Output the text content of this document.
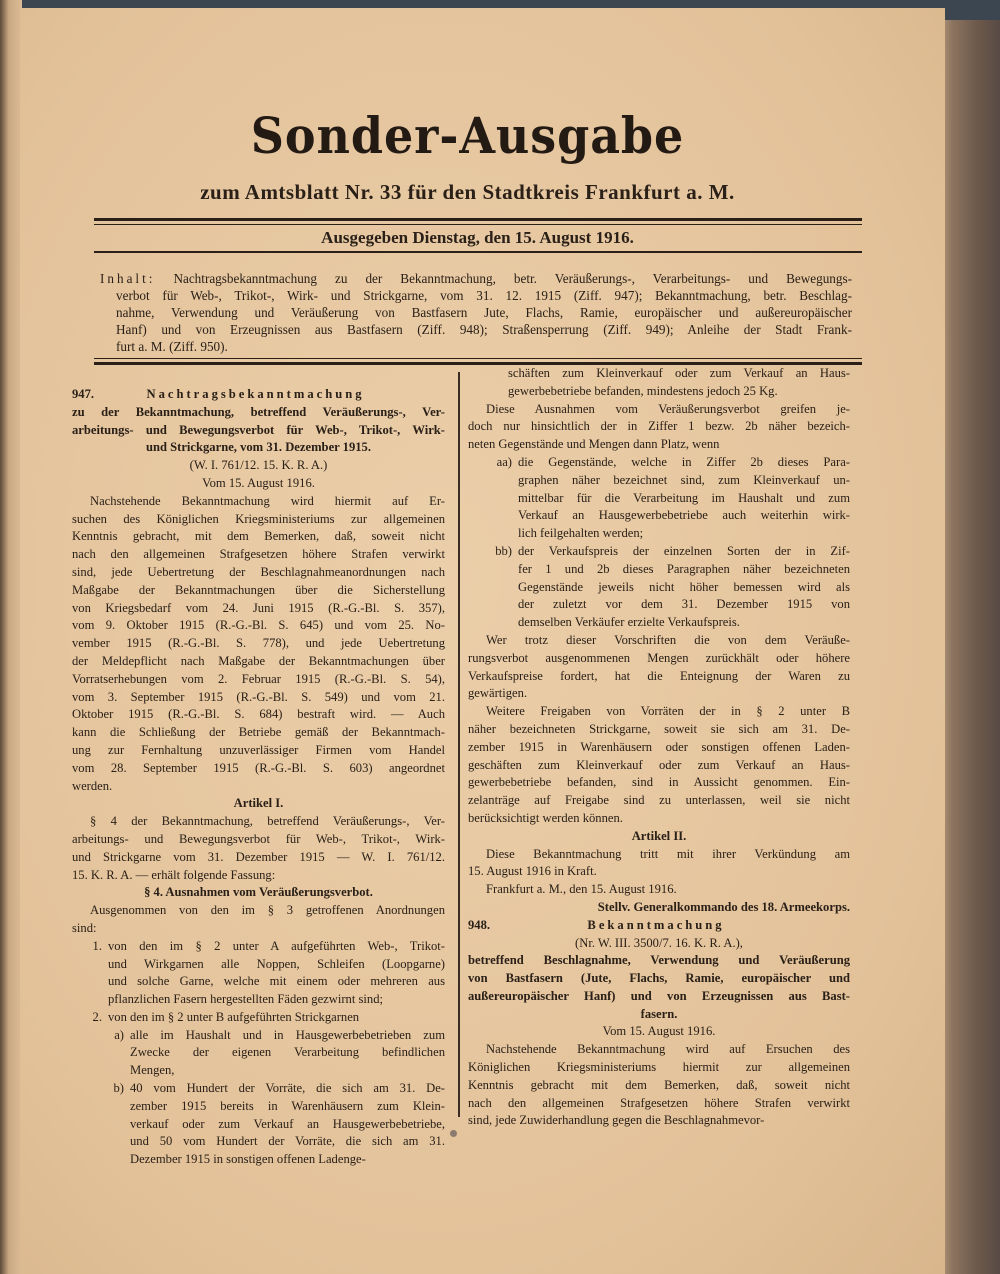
Sonder-Ausgabe
zum Amtsblatt Nr. 33 für den Stadtkreis Frankfurt a. M.
Ausgegeben Dienstag, den 15. August 1916.
Inhalt: Nachtragsbekanntmachung zu der Bekanntmachung, betr. Veräußerungs-, Verarbeitungs- und Bewegungs-
verbot für Web-, Trikot-, Wirk- und Strickgarne, vom 31. 12. 1915 (Ziff. 947); Bekanntmachung, betr. Beschlag-
nahme, Verwendung und Veräußerung von Bastfasern Jute, Flachs, Ramie, europäischer und außereuropäischer
Hanf) und von Erzeugnissen aus Bastfasern (Ziff. 948); Straßensperrung (Ziff. 949); Anleihe der Stadt Frank-
furt a. M. (Ziff. 950).
947.	Nachtragsbekanntmachung
zu der Bekanntmachung, betreffend Veräußerungs-, Ver-
arbeitungs- und Bewegungsverbot für Web-, Trikot-, Wirk-
und Strickgarne, vom 31. Dezember 1915.
(W. I. 761/12. 15. K. R. A.)
Vom 15. August 1916.
Nachstehende Bekanntmachung wird hiermit auf Er-
suchen des Königlichen Kriegsministeriums zur allgemeinen
Kenntnis gebracht, mit dem Bemerken, daß, soweit nicht
nach den allgemeinen Strafgesetzen höhere Strafen verwirkt
sind, jede Uebertretung der Beschlagnahmeanordnungen nach
Maßgabe der Bekanntmachungen über die Sicherstellung
von Kriegsbedarf vom 24. Juni 1915 (R.-G.-Bl. S. 357),
vom 9. Oktober 1915 (R.-G.-Bl. S. 645) und vom 25. No-
vember 1915 (R.-G.-Bl. S. 778), und jede Uebertretung
der Meldepflicht nach Maßgabe der Bekanntmachungen über
Vorratserhebungen vom 2. Februar 1915 (R.-G.-Bl. S. 54),
vom 3. September 1915 (R.-G.-Bl. S. 549) und vom 21.
Oktober 1915 (R.-G.-Bl. S. 684) bestraft wird. — Auch
kann die Schließung der Betriebe gemäß der Bekanntmach-
ung zur Fernhaltung unzuverlässiger Firmen vom Handel
vom 28. September 1915 (R.-G.-Bl. S. 603) angeordnet
werden.
Artikel I.
§ 4 der Bekanntmachung, betreffend Veräußerungs-, Ver-
arbeitungs- und Bewegungsverbot für Web-, Trikot-, Wirk-
und Strickgarne vom 31. Dezember 1915 — W. I. 761/12.
15. K. R. A. — erhält folgende Fassung:
§ 4. Ausnahmen vom Veräußerungsverbot.
Ausgenommen von den im § 3 getroffenen Anordnungen
sind:
1. von den im § 2 unter A aufgeführten Web-, Trikot-
und Wirkgarnen alle Noppen, Schleifen (Loopgarne)
und solche Garne, welche mit einem oder mehreren aus
pflanzlichen Fasern hergestellten Fäden gezwirnt sind;
2. von den im § 2 unter B aufgeführten Strickgarnen
a) alle im Haushalt und in Hausgewerbebetrieben zum
Zwecke der eigenen Verarbeitung befindlichen
Mengen,
b) 40 vom Hundert der Vorräte, die sich am 31. De-
zember 1915 bereits in Warenhäusern zum Klein-
verkauf oder zum Verkauf an Hausgewerbebetriebe,
und 50 vom Hundert der Vorräte, die sich am 31.
Dezember 1915 in sonstigen offenen Ladenge-
schäften zum Kleinverkauf oder zum Verkauf an Haus-
gewerbebetriebe befanden, mindestens jedoch 25 Kg.
Diese Ausnahmen vom Veräußerungsverbot greifen je-
doch nur hinsichtlich der in Ziffer 1 bezw. 2b näher bezeich-
neten Gegenstände und Mengen dann Platz, wenn
aa) die Gegenstände, welche in Ziffer 2b dieses Para-
graphen näher bezeichnet sind, zum Kleinverkauf un-
mittelbar für die Verarbeitung im Haushalt und zum
Verkauf an Hausgewerbebetriebe auch weiterhin wirk-
lich feilgehalten werden;
bb) der Verkaufspreis der einzelnen Sorten der in Zif-
fer 1 und 2b dieses Paragraphen näher bezeichneten
Gegenstände jeweils nicht höher bemessen wird als
der zuletzt vor dem 31. Dezember 1915 von
demselben Verkäufer erzielte Verkaufspreis.
Wer trotz dieser Vorschriften die von dem Veräuße-
rungsverbot ausgenommenen Mengen zurückhält oder höhere
Verkaufspreise fordert, hat die Enteignung der Waren zu
gewärtigen.
Weitere Freigaben von Vorräten der in § 2 unter B
näher bezeichneten Strickgarne, soweit sie sich am 31. De-
zember 1915 in Warenhäusern oder sonstigen offenen Laden-
geschäften zum Kleinverkauf oder zum Verkauf an Haus-
gewerbebetriebe befanden, sind in Aussicht genommen. Ein-
zelanträge auf Freigabe sind zu unterlassen, weil sie nicht
berücksichtigt werden können.
Artikel II.
Diese Bekanntmachung tritt mit ihrer Verkündung am
15. August 1916 in Kraft.
Frankfurt a. M., den 15. August 1916.
Stellv. Generalkommando des 18. Armeekorps.
948.	Bekanntmachung
(Nr. W. III. 3500/7. 16. K. R. A.),
betreffend Beschlagnahme, Verwendung und Veräußerung
von Bastfasern (Jute, Flachs, Ramie, europäischer und
außereuropäischer Hanf) und von Erzeugnissen aus Bast-
fasern.
Vom 15. August 1916.
Nachstehende Bekanntmachung wird auf Ersuchen des
Königlichen Kriegsministeriums hiermit zur allgemeinen
Kenntnis gebracht mit dem Bemerken, daß, soweit nicht
nach den allgemeinen Strafgesetzen höhere Strafen verwirkt
sind, jede Zuwiderhandlung gegen die Beschlagnahmevor-
